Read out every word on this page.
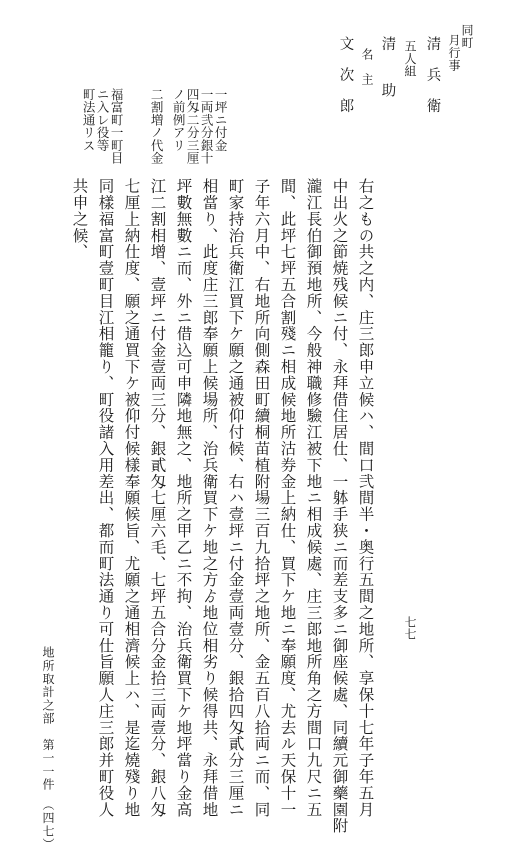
一坪ニ付金
一両弐分銀十
四匁二分三厘
ノ前例アリ
二割増ノ代金
福富町一町目
ニ入レ役等
町法通リス
同町
月行事
清　兵　衛
五人組
清　　助
名　主
文　次　郎
右之もの共之内、庄三郎申立候ハ、間口弐間半・奥行五間之地所、享保十七年子年五月
中出火之節焼残候ニ付、永拜借住居仕、一躰手狭ニ而差支多ニ御座候處、同續元御藥園附
瀧江長伯御預地所、今般神職修驗江被下地ニ相成候處、庄三郎地所角之方間口九尺ニ五
間、此坪七坪五合割殘ニ相成候地所沽券金上納仕、買下ケ地ニ奉願度、尤去ル天保十一
子年六月中、右地所向側森田町續桐苗植附場三百九拾坪之地所、金五百八拾両ニ而、同
町家持治兵衛江買下ケ願之通被仰付候、右ハ壹坪ニ付金壹両壹分、銀拾四匁貳分三厘ニ
相當り、此度庄三郎奉願上候場所、治兵衛買下ケ地之方ゟ地位相劣り候得共、永拜借地
坪數無數ニ而、外ニ借込可申隣地無之、地所之甲乙ニ不拘、治兵衛買下ケ地坪當り金高
江二割相增、壹坪ニ付金壹両三分、銀貳匁七厘六毛、七坪五合分金拾三両壹分、銀八匁
七厘上納仕度、願之通買下ケ被仰付候樣奉願候旨、尤願之通相濟候上ハ、是迄燒殘り地
同樣福富町壹町目江相籠り、町役諸入用差出、都而町法通り可仕旨願人庄三郎并町役人
共申之候、
地所取計之部　第一一件　（四七）
七七
